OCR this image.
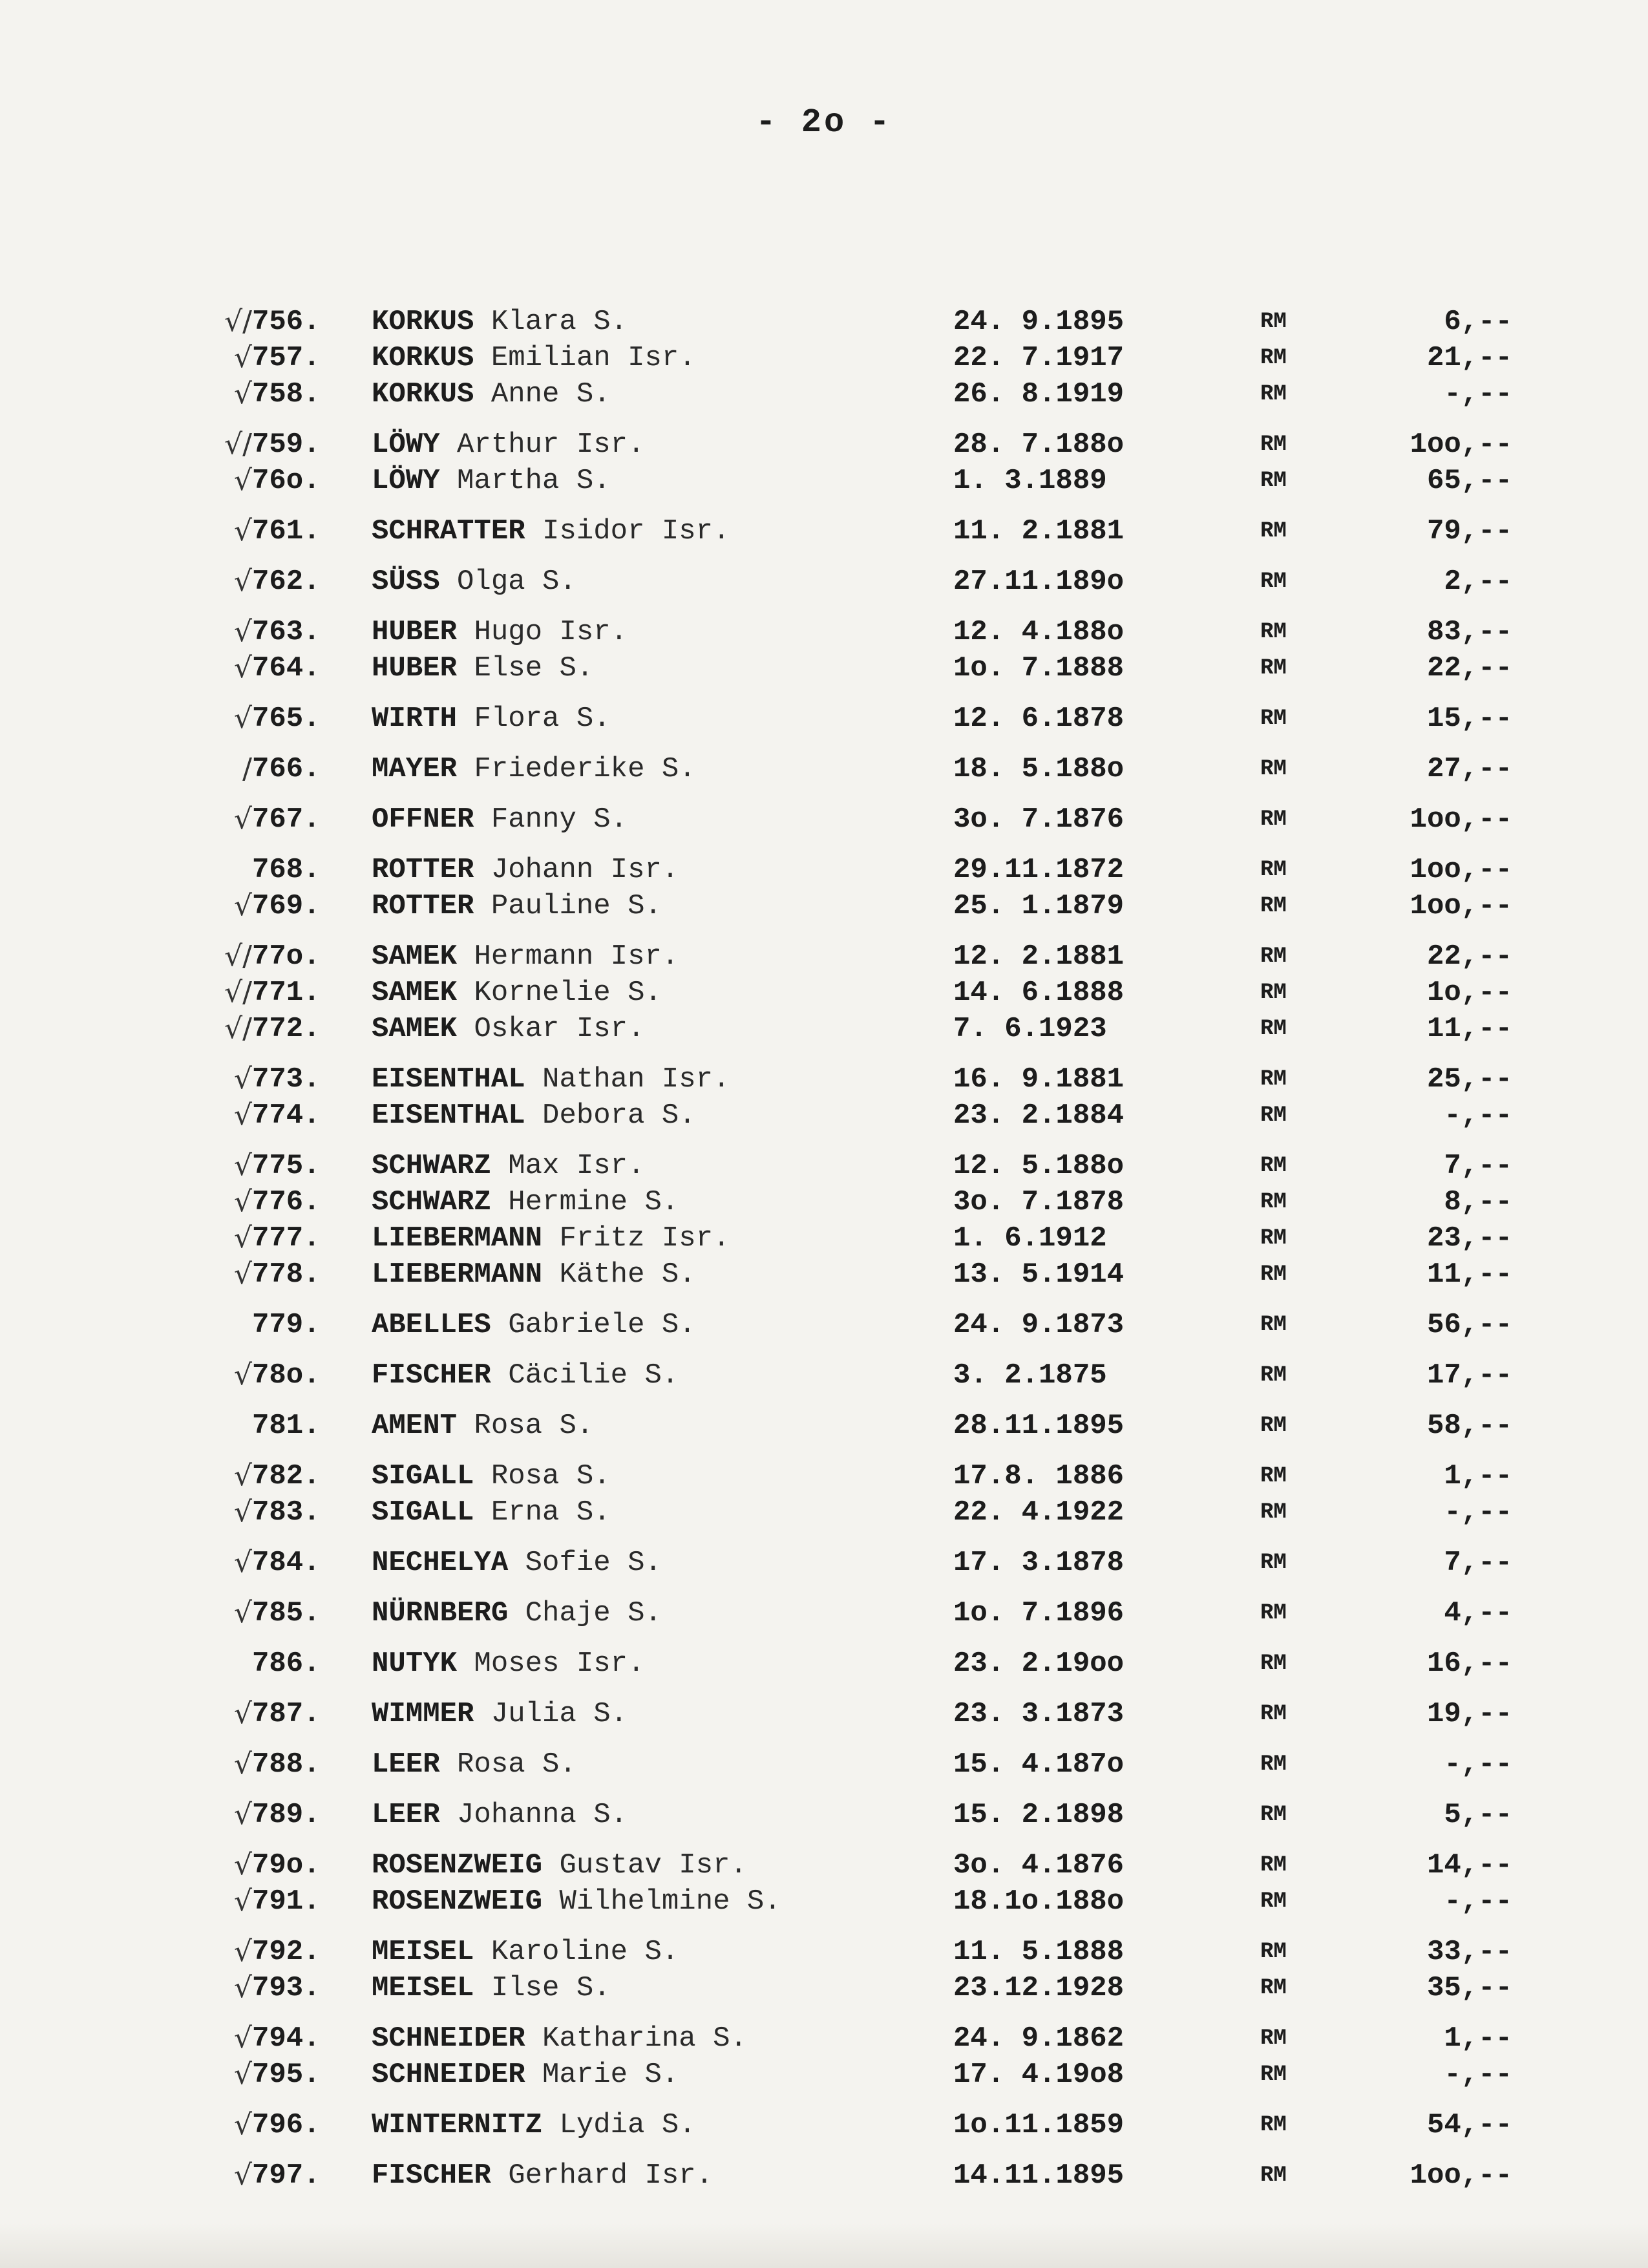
- 2o -
√/ 756.	KORKUS Klara S.	24. 9.1895	RM	6,--
√ 757.	KORKUS Emilian Isr.	22. 7.1917	RM	21,--
√ 758.	KORKUS Anne S.	26. 8.1919	RM	-,--
√/ 759.	LÖWY Arthur Isr.	28. 7.188o	RM	1oo,--
√ 76o.	LÖWY Martha S.	1. 3.1889	RM	65,--
√ 761.	SCHRATTER Isidor Isr.	11. 2.1881	RM	79,--
√ 762.	SÜSS Olga S.	27.11.189o	RM	2,--
√ 763.	HUBER Hugo Isr.	12. 4.188o	RM	83,--
√ 764.	HUBER Else S.	1o. 7.1888	RM	22,--
√ 765.	WIRTH Flora S.	12. 6.1878	RM	15,--
/ 766.	MAYER Friederike S.	18. 5.188o	RM	27,--
√ 767.	OFFNER Fanny S.	3o. 7.1876	RM	1oo,--
768.	ROTTER Johann Isr.	29.11.1872	RM	1oo,--
√ 769.	ROTTER Pauline S.	25. 1.1879	RM	1oo,--
√/ 77o.	SAMEK Hermann Isr.	12. 2.1881	RM	22,--
√/ 771.	SAMEK Kornelie S.	14. 6.1888	RM	1o,--
√/ 772.	SAMEK Oskar Isr.	7. 6.1923	RM	11,--
√ 773.	EISENTHAL Nathan Isr.	16. 9.1881	RM	25,--
√ 774.	EISENTHAL Debora S.	23. 2.1884	RM	-,--
√ 775.	SCHWARZ Max Isr.	12. 5.188o	RM	7,--
√ 776.	SCHWARZ Hermine S.	3o. 7.1878	RM	8,--
√ 777.	LIEBERMANN Fritz Isr.	1. 6.1912	RM	23,--
√ 778.	LIEBERMANN Käthe S.	13. 5.1914	RM	11,--
779.	ABELLES Gabriele S.	24. 9.1873	RM	56,--
√ 78o.	FISCHER Cäcilie S.	3. 2.1875	RM	17,--
781.	AMENT Rosa S.	28.11.1895	RM	58,--
√ 782.	SIGALL Rosa S.	17.8. 1886	RM	1,--
√ 783.	SIGALL Erna S.	22. 4.1922	RM	-,--
√ 784.	NECHELYA Sofie S.	17. 3.1878	RM	7,--
√ 785.	NÜRNBERG Chaje S.	1o. 7.1896	RM	4,--
786.	NUTYK Moses Isr.	23. 2.19oo	RM	16,--
√ 787.	WIMMER Julia S.	23. 3.1873	RM	19,--
√ 788.	LEER Rosa S.	15. 4.187o	RM	-,--
√ 789.	LEER Johanna S.	15. 2.1898	RM	5,--
√ 79o.	ROSENZWEIG Gustav Isr.	3o. 4.1876	RM	14,--
√ 791.	ROSENZWEIG Wilhelmine S.	18.1o.188o	RM	-,--
√ 792.	MEISEL Karoline S.	11. 5.1888	RM	33,--
√ 793.	MEISEL Ilse S.	23.12.1928	RM	35,--
√ 794.	SCHNEIDER Katharina S.	24. 9.1862	RM	1,--
√ 795.	SCHNEIDER Marie S.	17. 4.19o8	RM	-,--
√ 796.	WINTERNITZ Lydia S.	1o.11.1859	RM	54,--
√ 797.	FISCHER Gerhard Isr.	14.11.1895	RM	1oo,--
